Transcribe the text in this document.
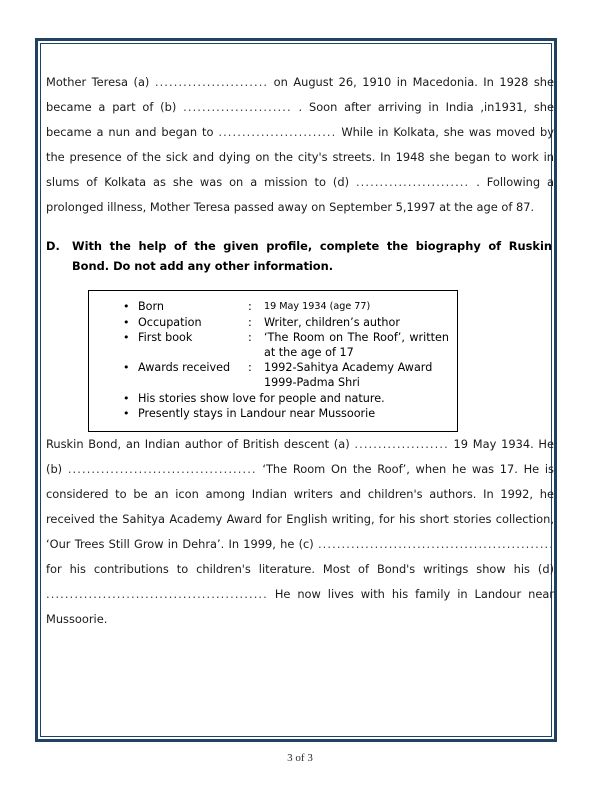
Mother Teresa (a) ........................ on August 26, 1910 in Macedonia. In 1928 she became a part of (b) ....................... . Soon after arriving in India ,in1931, she became a nun and began to ......................... While in Kolkata, she was moved by the presence of the sick and dying on the city's streets. In 1948 she began to work in slums of Kolkata as she was on a mission to (d) ........................ . Following a prolonged illness, Mother Teresa passed away on September 5,1997 at the age of 87.

D.	With the help of the given profile, complete the biography of Ruskin Bond. Do not add any other information.
• Born	:	19 May 1934 (age 77)
• Occupation	:	Writer, children’s author
• First book	:	‘The Room on The Roof’, written at the age of 17
• Awards received	:	1992-Sahitya Academy Award
1999-Padma Shri
• His stories show love for people and nature.
• Presently stays in Landour near Mussoorie

Ruskin Bond, an Indian author of British descent (a) .................... 19 May 1934. He (b) ........................................ ‘The Room On the Roof’, when he was 17. He is considered to be an icon among Indian writers and children's authors. In 1992, he received the Sahitya Academy Award for English writing, for his short stories collection, ‘Our Trees Still Grow in Dehra’. In 1999, he (c) .................................................. for his contributions to children's literature. Most of Bond's writings show his (d) ............................................... He now lives with his family in Landour near Mussoorie.

3 of 3
